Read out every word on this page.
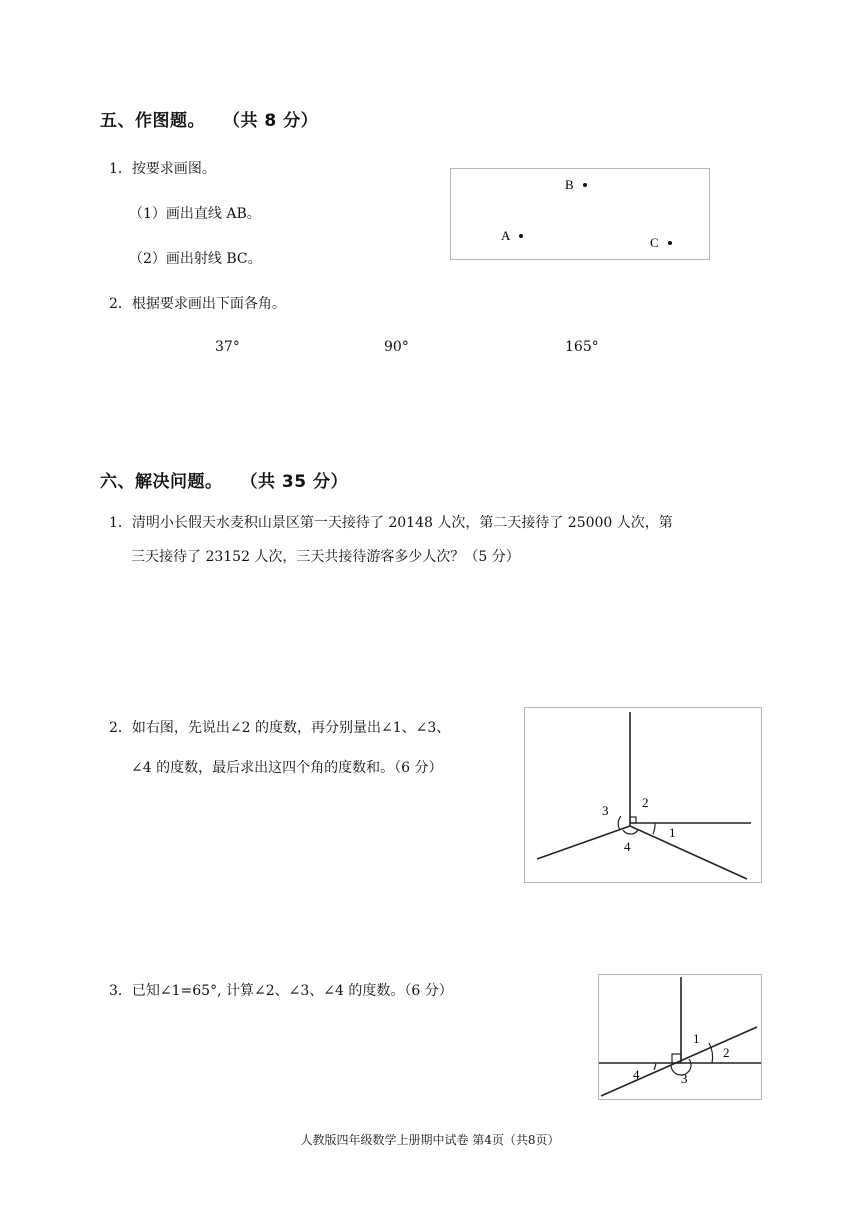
五、作图题。 （共 8 分）
1．按要求画图。
（1）画出直线 AB。
（2）画出射线 BC。
B
A	C
2．根据要求画出下面各角。
37°	90°	165°
六、解决问题。 （共 35 分）
1．清明小长假天水麦积山景区第一天接待了 20148 人次，第二天接待了 25000 人次，第
三天接待了 23152 人次，三天共接待游客多少人次？（5 分）
2．如右图，先说出∠2 的度数，再分别量出∠1、∠3、
∠4 的度数，最后求出这四个角的度数和。（6 分）
1
2
3
4
3．已知∠1=65°, 计算∠2、∠3、∠4 的度数。（6 分）
1
2
3
4
人教版四年级数学上册期中试卷 第4页（共8页）
